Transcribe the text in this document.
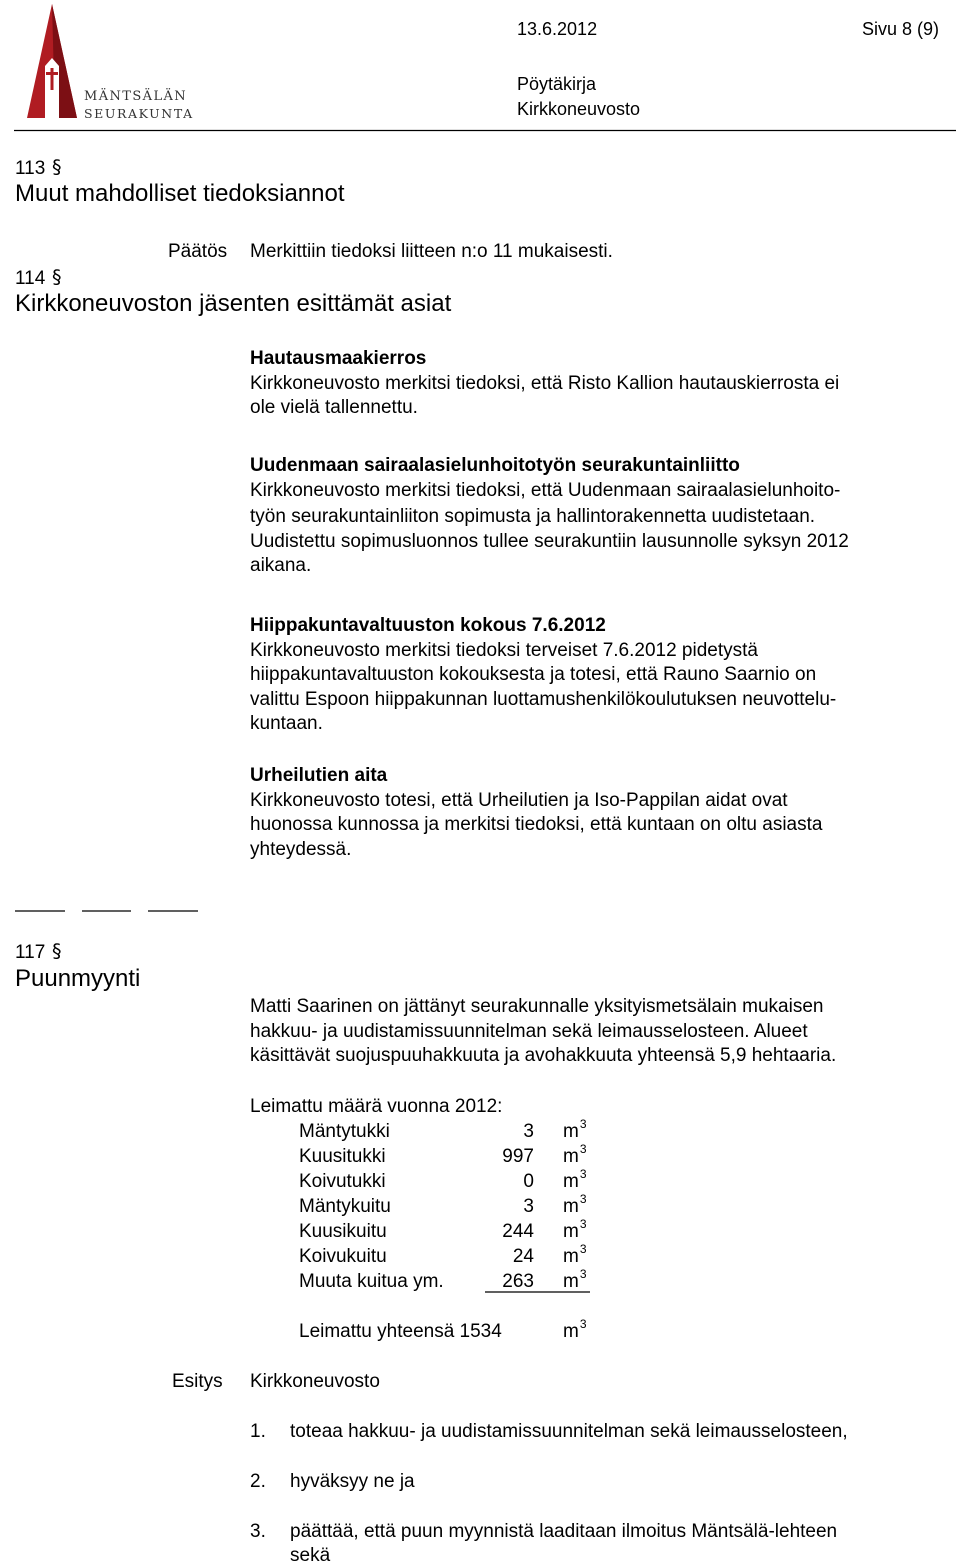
MÄNTSÄLÄN
SEURAKUNTA
13.6.2012	Sivu 8 (9)
Pöytäkirja
Kirkkoneuvosto
113 §
Muut mahdolliset tiedoksiannot
Päätös Merkittiin tiedoksi liitteen n:o 11 mukaisesti.
114 §
Kirkkoneuvoston jäsenten esittämät asiat
Hautausmaakierros
Kirkkoneuvosto merkitsi tiedoksi, että Risto Kallion hautauskierrosta ei
ole vielä tallennettu.
Uudenmaan sairaalasielunhoitotyön seurakuntainliitto
Kirkkoneuvosto merkitsi tiedoksi, että Uudenmaan sairaalasielunhoito-
työn seurakuntainliiton sopimusta ja hallintorakennetta uudistetaan.
Uudistettu sopimusluonnos tullee seurakuntiin lausunnolle syksyn 2012
aikana.
Hiippakuntavaltuuston kokous 7.6.2012
Kirkkoneuvosto merkitsi tiedoksi terveiset 7.6.2012 pidetystä
hiippakuntavaltuuston kokouksesta ja totesi, että Rauno Saarnio on
valittu Espoon hiippakunnan luottamushenkilökoulutuksen neuvottelu-
kuntaan.
Urheilutien aita
Kirkkoneuvosto totesi, että Urheilutien ja Iso-Pappilan aidat ovat
huonossa kunnossa ja merkitsi tiedoksi, että kuntaan on oltu asiasta
yhteydessä.
117 §
Puunmyynti
Matti Saarinen on jättänyt seurakunnalle yksityismetsälain mukaisen
hakkuu- ja uudistamissuunnitelman sekä leimausselosteen. Alueet
käsittävät suojuspuuhakkuuta ja avohakkuuta yhteensä 5,9 hehtaaria.
Leimattu määrä vuonna 2012:
Mäntytukki	3 $m^3$
Kuusitukki	997 $m^3$
Koivutukki	0 $m^3$
Mäntykuitu	3 $m^3$
Kuusikuitu	244 $m^3$
Koivukuitu	24 $m^3$
Muuta kuitua ym.	263 $m^3$
Leimattu yhteensä 1534	$m^3$
Esitys Kirkkoneuvosto
1. toteaa hakkuu- ja uudistamissuunnitelman sekä leimausselosteen,
2. hyväksyy ne ja
3. päättää, että puun myynnistä laaditaan ilmoitus Mäntsälä-lehteen
sekä
